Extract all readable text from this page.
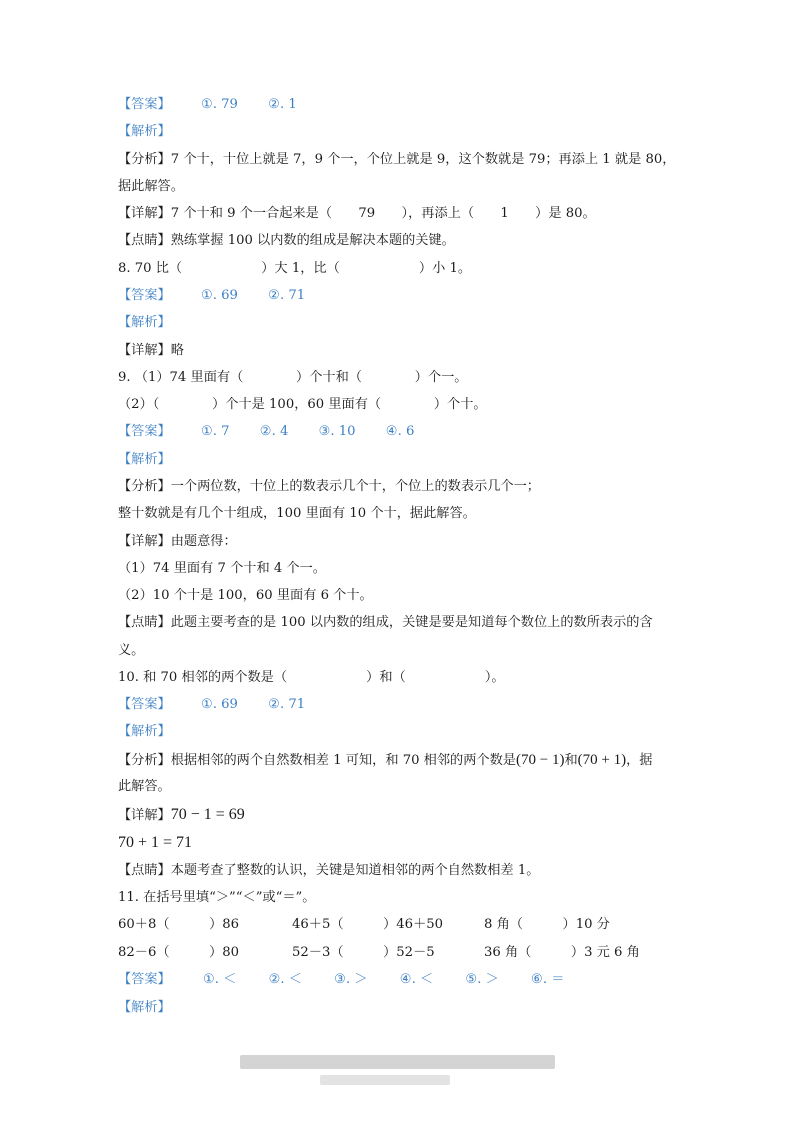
【答案】 ①. 79 ②. 1
【解析】
【分析】7 个十，十位上就是 7，9 个一，个位上就是 9，这个数就是 79；再添上 1 就是 80，
据此解答。
【详解】7 个十和 9 个一合起来是（　　79　　），再添上（　　1　　）是 80。
【点睛】熟练掌握 100 以内数的组成是解决本题的关键。
8. 70 比（　　　　　　）大 1，比（　　　　　　）小 1。
【答案】 ①. 69 ②. 71
【解析】
【详解】略
9. （1）74 里面有（　　　　）个十和（　　　　）个一。
（2）（　　　　）个十是 100，60 里面有（　　　　）个十。
【答案】 ①. 7 ②. 4 ③. 10 ④. 6
【解析】
【分析】一个两位数，十位上的数表示几个十，个位上的数表示几个一；
整十数就是有几个十组成，100 里面有 10 个十，据此解答。
【详解】由题意得：
（1）74 里面有 7 个十和 4 个一。
（2）10 个十是 100，60 里面有 6 个十。
【点睛】此题主要考查的是 100 以内数的组成，关键是要是知道每个数位上的数所表示的含
义。
10. 和 70 相邻的两个数是（　　　　　　）和（　　　　　　）。
【答案】 ①. 69 ②. 71
【解析】
【分析】根据相邻的两个自然数相差 1 可知，和 70 相邻的两个数是(70 − 1)和(70 + 1)，据
此解答。
【详解】70 − 1 = 69
70 + 1 = 71
【点睛】本题考查了整数的认识，关键是知道相邻的两个自然数相差 1。
11. 在括号里填“＞”“＜”或“＝”。
60＋8（　　　）86	46＋5（　　　）46＋50	8 角（　　　）10 分
82－6（　　　）80	52－3（　　　）52－5	36 角（　　　）3 元 6 角
【答案】 ①. ＜ ②. ＜ ③. ＞ ④. ＜ ⑤. ＞ ⑥. ＝
【解析】
